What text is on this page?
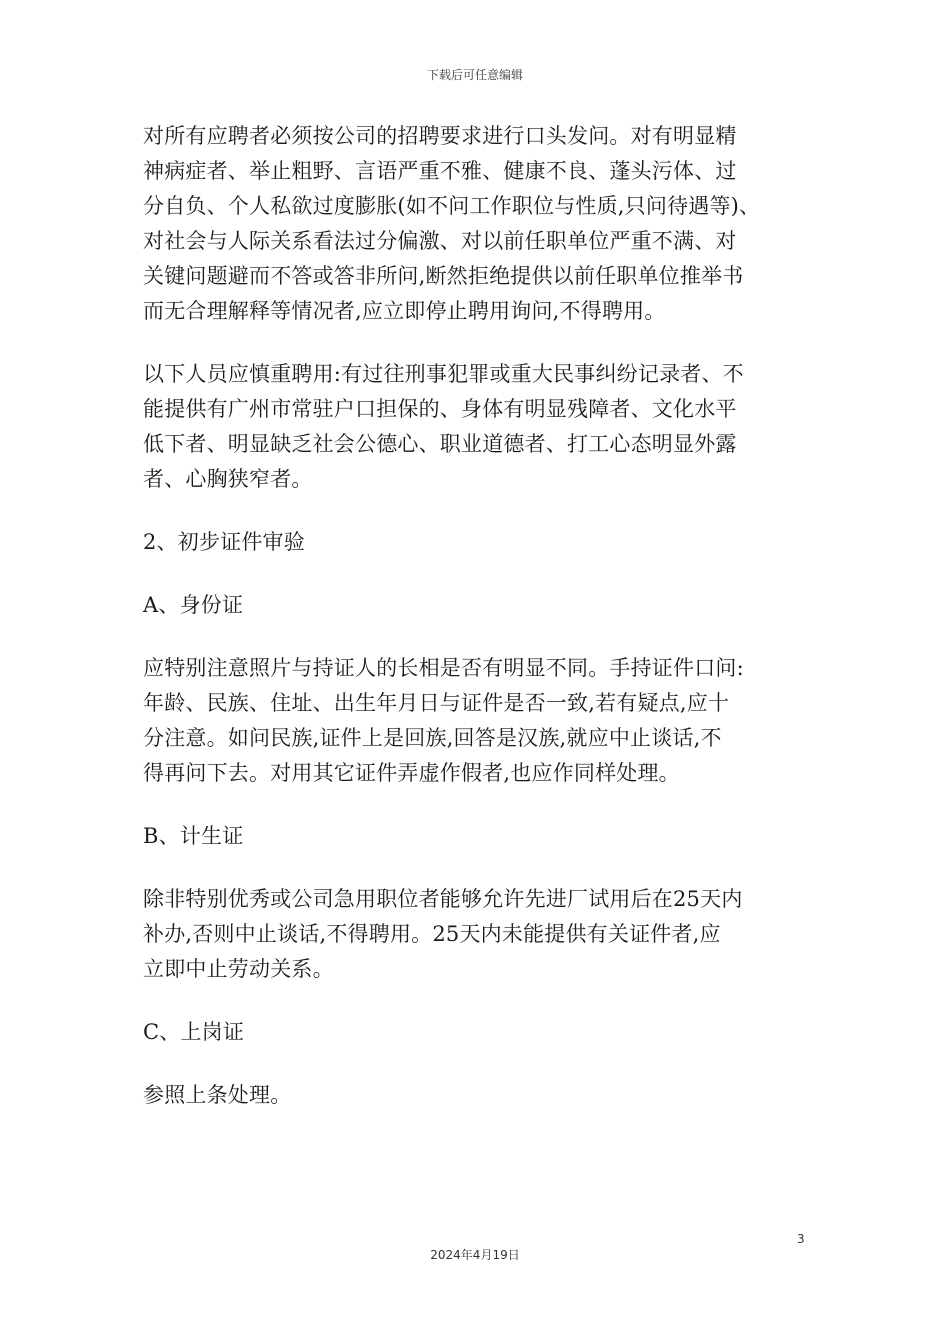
下载后可任意编辑

对所有应聘者必须按公司的招聘要求进行口头发问。对有明显精
神病症者、举止粗野、言语严重不雅、健康不良、蓬头污体、过
分自负、个人私欲过度膨胀(如不问工作职位与性质,只问待遇等)、
对社会与人际关系看法过分偏激、对以前任职单位严重不满、对
关键问题避而不答或答非所问,断然拒绝提供以前任职单位推举书
而无合理解释等情况者,应立即停止聘用询问,不得聘用。

以下人员应慎重聘用:有过往刑事犯罪或重大民事纠纷记录者、不
能提供有广州市常驻户口担保的、身体有明显残障者、文化水平
低下者、明显缺乏社会公德心、职业道德者、打工心态明显外露
者、心胸狭窄者。

2、初步证件审验

A、身份证

应特别注意照片与持证人的长相是否有明显不同。手持证件口问:
年龄、民族、住址、出生年月日与证件是否一致,若有疑点,应十
分注意。如问民族,证件上是回族,回答是汉族,就应中止谈话,不
得再问下去。对用其它证件弄虚作假者,也应作同样处理。

B、计生证

除非特别优秀或公司急用职位者能够允许先进厂试用后在25天内
补办,否则中止谈话,不得聘用。25天内未能提供有关证件者,应
立即中止劳动关系。

C、上岗证

参照上条处理。

3
2024年4月19日
